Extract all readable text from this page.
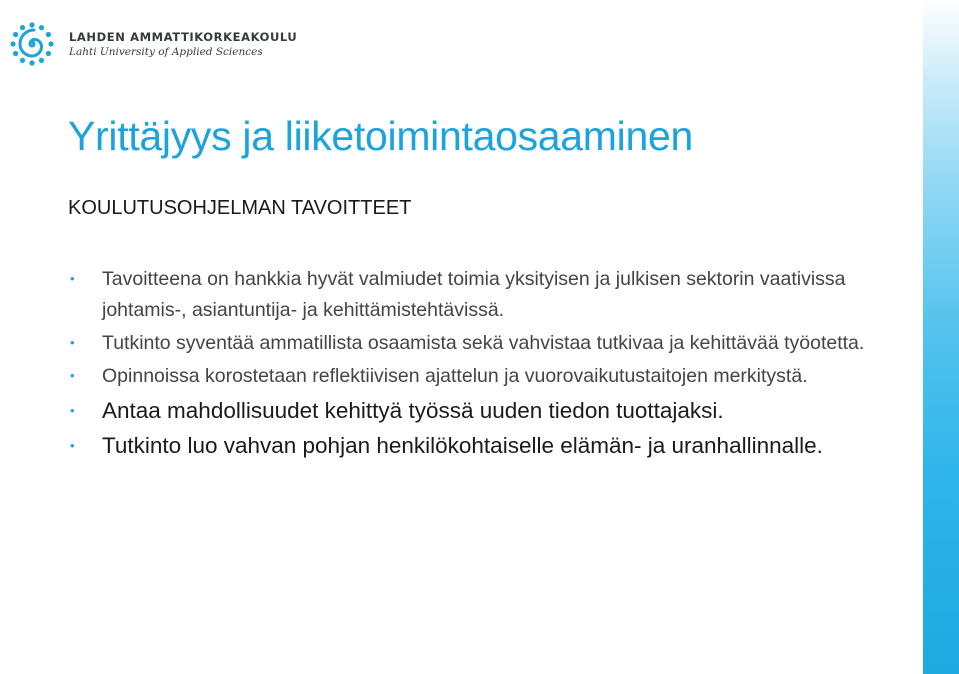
LAHDEN AMMATTIKORKEAKOULU
Lahti University of Applied Sciences
Yrittäjyys ja liiketoimintaosaaminen
KOULUTUSOHJELMAN TAVOITTEET
• Tavoitteena on hankkia hyvät valmiudet toimia yksityisen ja julkisen sektorin vaativissa johtamis-, asiantuntija- ja kehittämistehtävissä.
• Tutkinto syventää ammatillista osaamista sekä vahvistaa tutkivaa ja kehittävää työotetta.
• Opinnoissa korostetaan reflektiivisen ajattelun ja vuorovaikutustaitojen merkitystä.
• Antaa mahdollisuudet kehittyä työssä uuden tiedon tuottajaksi.
• Tutkinto luo vahvan pohjan henkilökohtaiselle elämän- ja uranhallinnalle.
